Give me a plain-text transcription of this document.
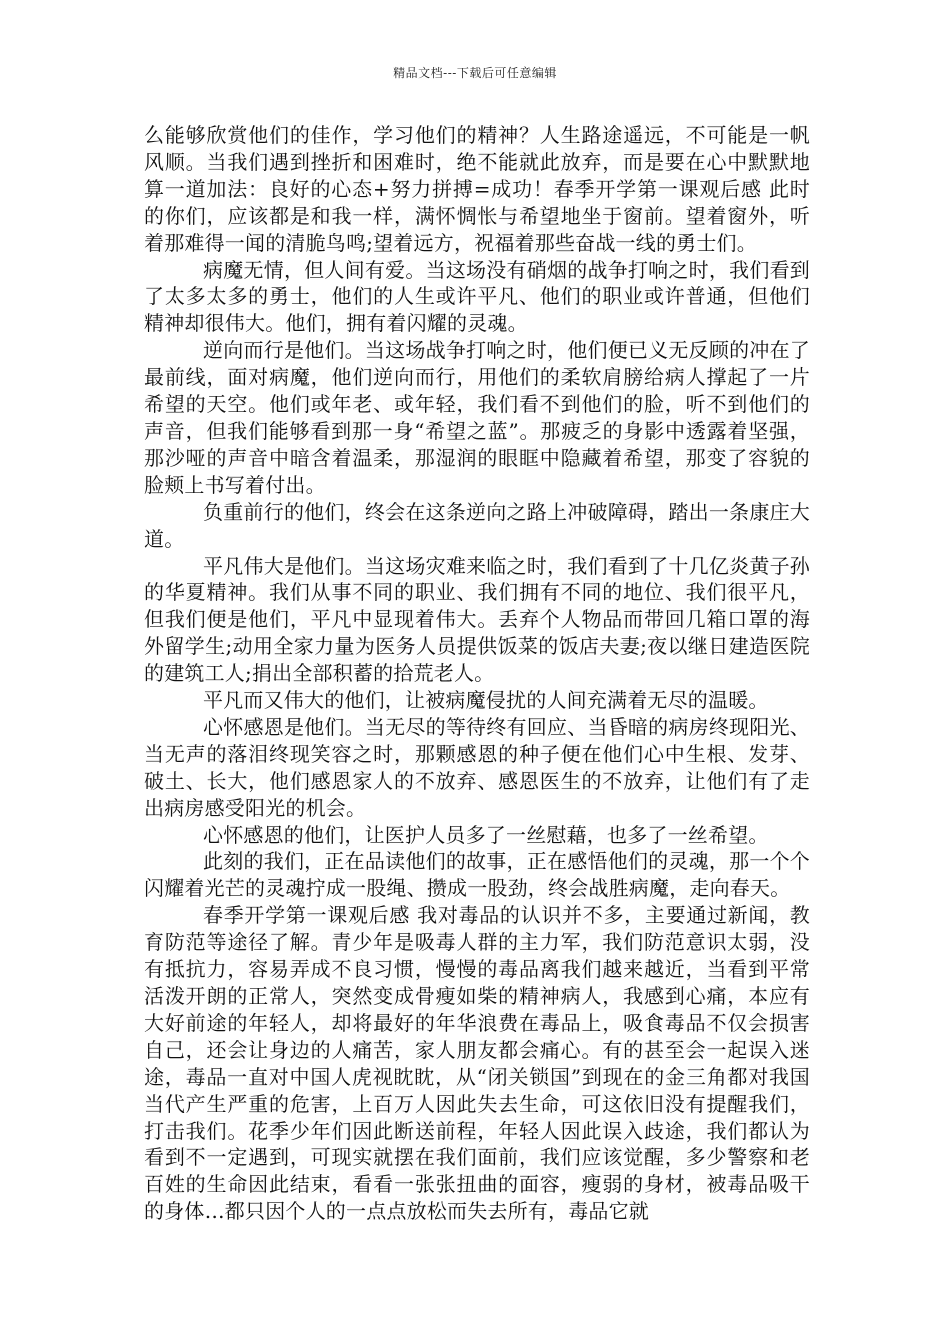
精品文档---下载后可任意编辑

么能够欣赏他们的佳作，学习他们的精神？人生路途遥远，不可能是一帆风顺。当我们遇到挫折和困难时，绝不能就此放弃，而是要在心中默默地算一道加法：良好的心态+努力拼搏=成功！春季开学第一课观后感 此时的你们，应该都是和我一样，满怀惆怅与希望地坐于窗前。望着窗外，听着那难得一闻的清脆鸟鸣;望着远方，祝福着那些奋战一线的勇士们。

病魔无情，但人间有爱。当这场没有硝烟的战争打响之时，我们看到了太多太多的勇士，他们的人生或许平凡、他们的职业或许普通，但他们精神却很伟大。他们，拥有着闪耀的灵魂。

逆向而行是他们。当这场战争打响之时，他们便已义无反顾的冲在了最前线，面对病魔，他们逆向而行，用他们的柔软肩膀给病人撑起了一片希望的天空。他们或年老、或年轻，我们看不到他们的脸，听不到他们的声音，但我们能够看到那一身“希望之蓝”。那疲乏的身影中透露着坚强，那沙哑的声音中暗含着温柔，那湿润的眼眶中隐藏着希望，那变了容貌的脸颊上书写着付出。

负重前行的他们，终会在这条逆向之路上冲破障碍，踏出一条康庄大道。

平凡伟大是他们。当这场灾难来临之时，我们看到了十几亿炎黄子孙的华夏精神。我们从事不同的职业、我们拥有不同的地位、我们很平凡，但我们便是他们，平凡中显现着伟大。丢弃个人物品而带回几箱口罩的海外留学生;动用全家力量为医务人员提供饭菜的饭店夫妻;夜以继日建造医院的建筑工人;捐出全部积蓄的拾荒老人。

平凡而又伟大的他们，让被病魔侵扰的人间充满着无尽的温暖。

心怀感恩是他们。当无尽的等待终有回应、当昏暗的病房终现阳光、当无声的落泪终现笑容之时，那颗感恩的种子便在他们心中生根、发芽、破土、长大，他们感恩家人的不放弃、感恩医生的不放弃，让他们有了走出病房感受阳光的机会。

心怀感恩的他们，让医护人员多了一丝慰藉，也多了一丝希望。

此刻的我们，正在品读他们的故事，正在感悟他们的灵魂，那一个个闪耀着光芒的灵魂拧成一股绳、攒成一股劲，终会战胜病魔，走向春天。

春季开学第一课观后感 我对毒品的认识并不多，主要通过新闻，教育防范等途径了解。青少年是吸毒人群的主力军，我们防范意识太弱，没有抵抗力，容易弄成不良习惯，慢慢的毒品离我们越来越近，当看到平常活泼开朗的正常人，突然变成骨瘦如柴的精神病人，我感到心痛，本应有大好前途的年轻人，却将最好的年华浪费在毒品上，吸食毒品不仅会损害自己，还会让身边的人痛苦，家人朋友都会痛心。有的甚至会一起误入迷途，毒品一直对中国人虎视眈眈，从“闭关锁国”到现在的金三角都对我国当代产生严重的危害，上百万人因此失去生命，可这依旧没有提醒我们，打击我们。花季少年们因此断送前程，年轻人因此误入歧途，我们都认为看到不一定遇到，可现实就摆在我们面前，我们应该觉醒，多少警察和老百姓的生命因此结束，看看一张张扭曲的面容，瘦弱的身材，被毒品吸干的身体…都只因个人的一点点放松而失去所有，毒品它就
